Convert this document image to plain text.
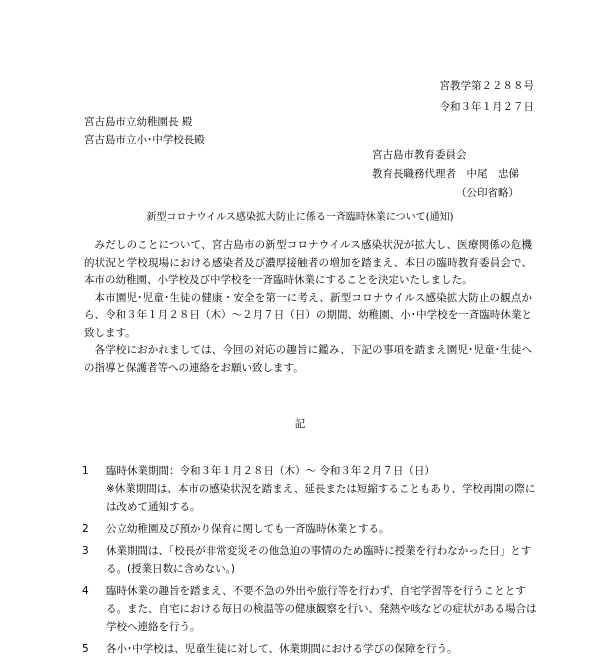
宮教学第２２８８号
令和３年１月２７日
宮古島市立幼稚園長 殿
宮古島市立小･中学校長殿
宮古島市教育委員会
教育長職務代理者　中尾　忠俤
（公印省略）
新型コロナウイルス感染拡大防止に係る一斉臨時休業について(通知)

みだしのことについて、宮古島市の新型コロナウイルス感染状況が拡大し、医療関係の危機的状況と学校現場における感染者及び濃厚接触者の増加を踏まえ、本日の臨時教育委員会で、本市の幼稚園、小学校及び中学校を一斉臨時休業にすることを決定いたしました。

本市園児･児童･生徒の健康・安全を第一に考え、新型コロナウイルス感染拡大防止の観点から、令和３年１月２８日（木）～２月７日（日）の期間、幼稚園、小･中学校を一斉臨時休業と致します。

各学校におかれましては、今回の対応の趣旨に鑑み、下記の事項を踏まえ園児･児童･生徒への指導と保護者等への連絡をお願い致します。

記
1	臨時休業期間：令和３年１月２８日（木）～ 令和３年２月７日（日）
※休業期間は、本市の感染状況を踏まえ、延長または短縮することもあり、学校再開の際には改めて通知する。
2	公立幼稚園及び預かり保育に関しても一斉臨時休業とする。
3	休業期間は、「校長が非常変災その他急迫の事情のため臨時に授業を行わなかった日」とする。(授業日数に含めない。)
4	臨時休業の趣旨を踏まえ、不要不急の外出や旅行等を行わず、自宅学習等を行うこととする。また、自宅における毎日の検温等の健康観察を行い、発熱や咳などの症状がある場合は学校へ連絡を行う。
5	各小･中学校は、児童生徒に対して、休業期間における学びの保障を行う。
